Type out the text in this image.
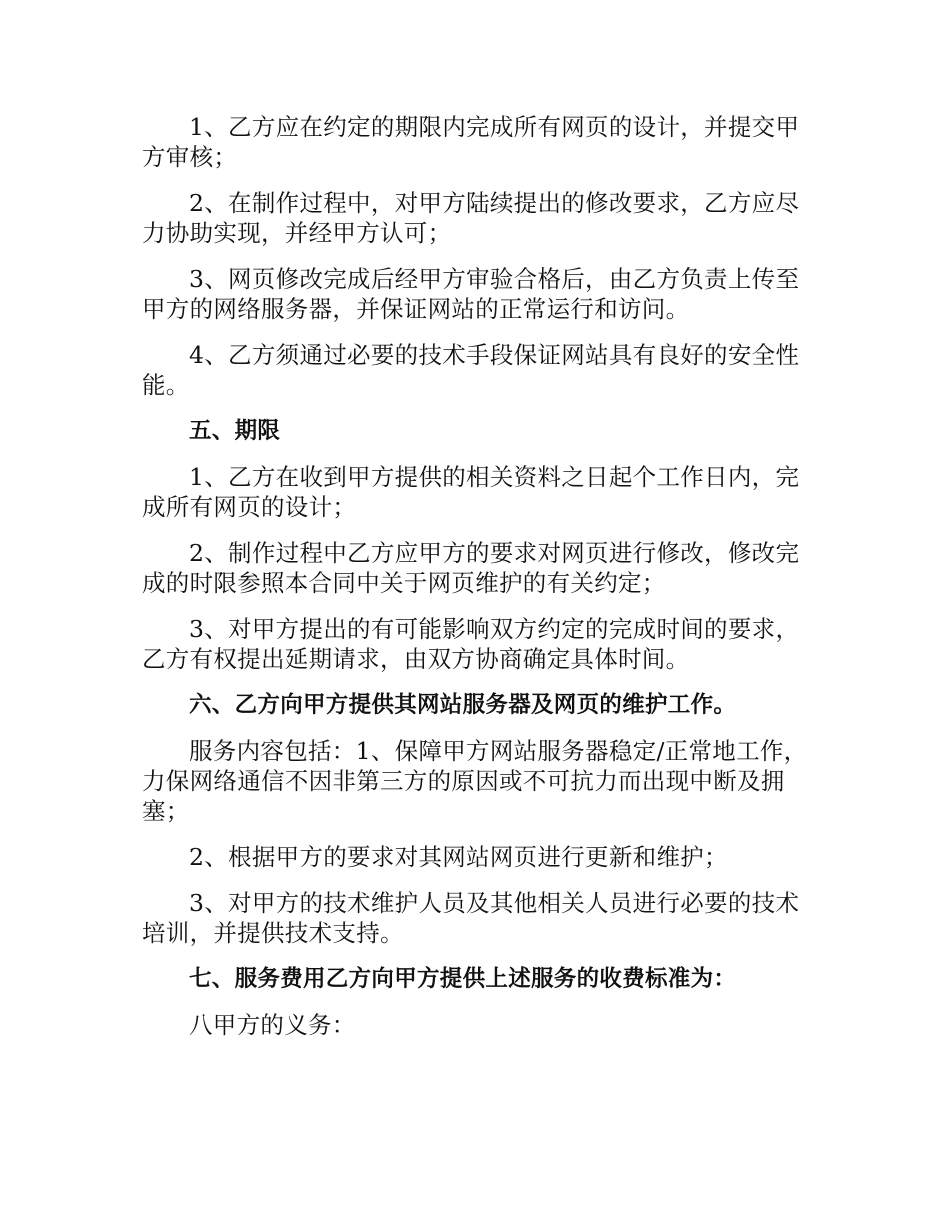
1、乙方应在约定的期限内完成所有网页的设计，并提交甲方审核；

2、在制作过程中，对甲方陆续提出的修改要求，乙方应尽力协助实现，并经甲方认可；

3、网页修改完成后经甲方审验合格后，由乙方负责上传至甲方的网络服务器，并保证网站的正常运行和访问。

4、乙方须通过必要的技术手段保证网站具有良好的安全性能。

五、期限

1、乙方在收到甲方提供的相关资料之日起个工作日内，完成所有网页的设计；

2、制作过程中乙方应甲方的要求对网页进行修改，修改完成的时限参照本合同中关于网页维护的有关约定；

3、对甲方提出的有可能影响双方约定的完成时间的要求，乙方有权提出延期请求，由双方协商确定具体时间。

六、乙方向甲方提供其网站服务器及网页的维护工作。

服务内容包括：1、保障甲方网站服务器稳定/正常地工作，力保网络通信不因非第三方的原因或不可抗力而出现中断及拥塞；

2、根据甲方的要求对其网站网页进行更新和维护；

3、对甲方的技术维护人员及其他相关人员进行必要的技术培训，并提供技术支持。

七、服务费用乙方向甲方提供上述服务的收费标准为：

八甲方的义务：
